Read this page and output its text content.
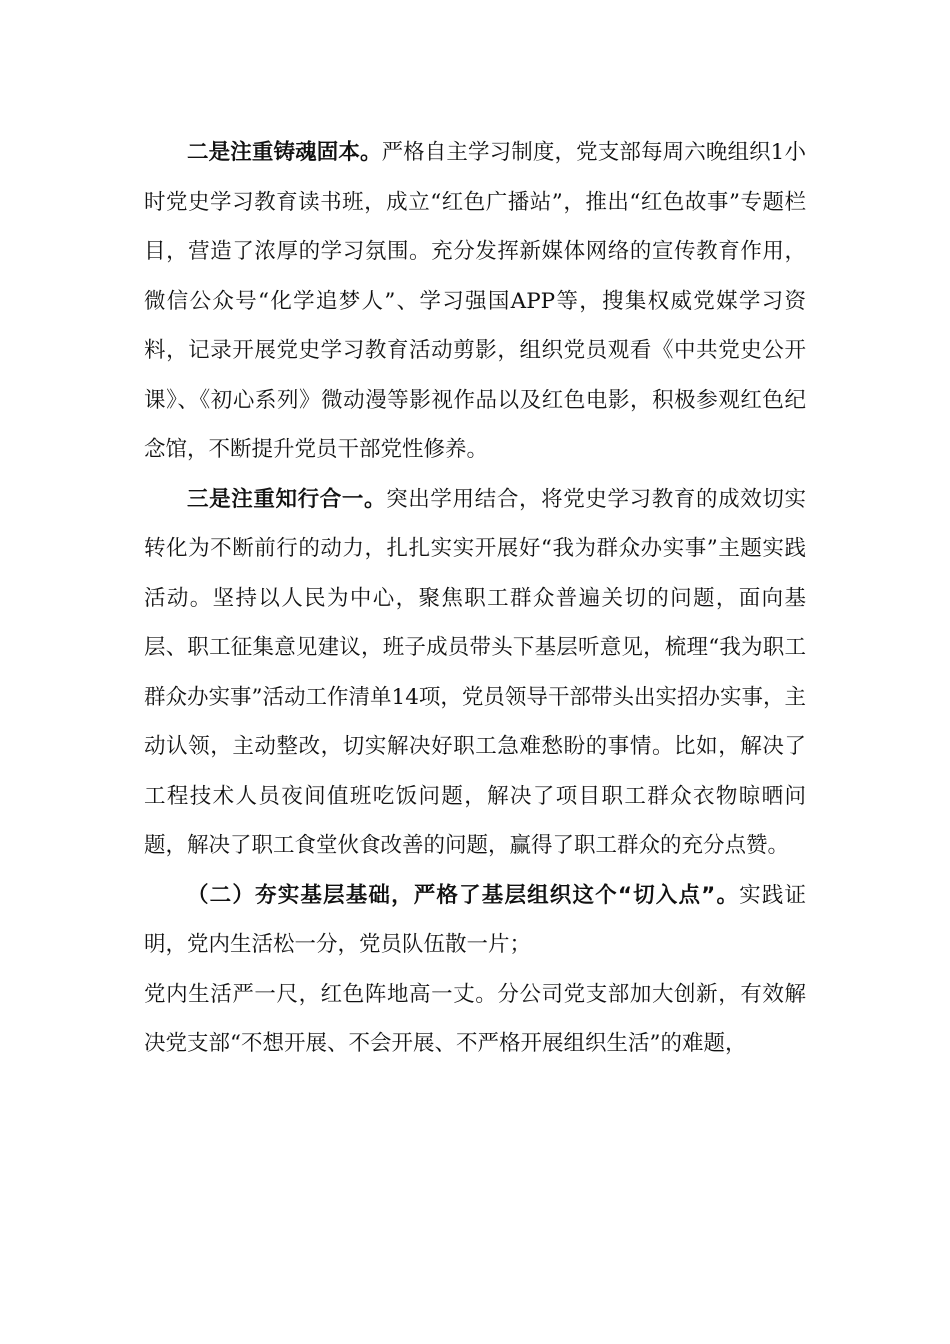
二是注重铸魂固本。严格自主学习制度，党支部每周六晚组织1小时党史学习教育读书班，成立“红色广播站”，推出“红色故事”专题栏目，营造了浓厚的学习氛围。充分发挥新媒体网络的宣传教育作用，微信公众号“化学追梦人”、学习强国APP等，搜集权威党媒学习资料，记录开展党史学习教育活动剪影，组织党员观看《中共党史公开课》、《初心系列》微动漫等影视作品以及红色电影，积极参观红色纪念馆，不断提升党员干部党性修养。

三是注重知行合一。突出学用结合，将党史学习教育的成效切实转化为不断前行的动力，扎扎实实开展好“我为群众办实事”主题实践活动。坚持以人民为中心，聚焦职工群众普遍关切的问题，面向基层、职工征集意见建议，班子成员带头下基层听意见，梳理“我为职工群众办实事”活动工作清单14项，党员领导干部带头出实招办实事，主动认领，主动整改，切实解决好职工急难愁盼的事情。比如，解决了工程技术人员夜间值班吃饭问题，解决了项目职工群众衣物晾晒问题，解决了职工食堂伙食改善的问题，赢得了职工群众的充分点赞。

（二）夯实基层基础，严格了基层组织这个“切入点”。实践证明，党内生活松一分，党员队伍散一片；

党内生活严一尺，红色阵地高一丈。分公司党支部加大创新，有效解决党支部“不想开展、不会开展、不严格开展组织生活”的难题，
